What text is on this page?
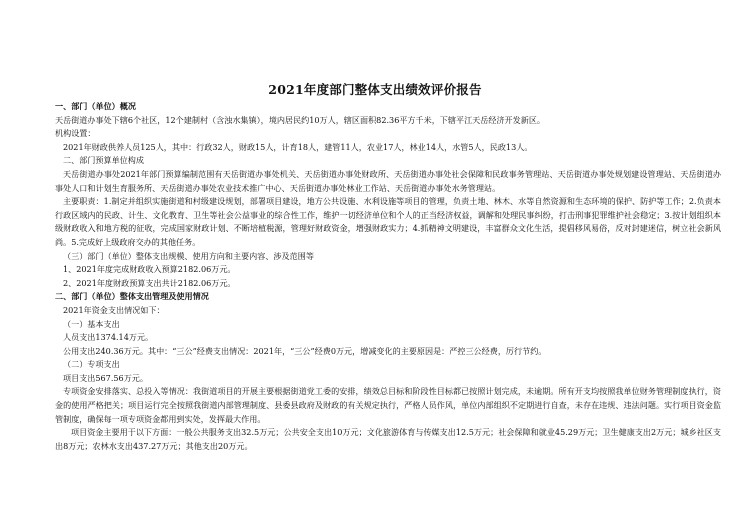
2021年度部门整体支出绩效评价报告

一、部门（单位）概况

天岳街道办事处下辖6个社区，12个建制村（含浊水集镇），境内居民约10万人，辖区面积82.36平方千米，下辖平江天岳经济开发新区。

机构设置：

2021年财政供养人员125人，其中：行政32人，财政15人，计育18人，建管11人，农业17人，林业14人，水管5人，民政13人。

二、部门预算单位构成

天岳街道办事处2021年部门预算编制范围有天岳街道办事处机关、天岳街道办事处财政所、天岳街道办事处社会保障和民政事务管理站、天岳街道办事处规划建设管理站、天岳街道办事处人口和计划生育服务所、天岳街道办事处农业技术推广中心、天岳街道办事处林业工作站、天岳街道办事处水务管理站。

主要职责：1.制定并组织实施街道和村级建设规划，部署项目建设，地方公共设施、水利设施等项目的管理，负责土地、林木、水等自然资源和生态环境的保护、防护等工作；2.负责本行政区域内的民政、计生、文化教育、卫生等社会公益事业的综合性工作，维护一切经济单位和个人的正当经济权益，调解和处理民事纠纷，打击刑事犯罪维护社会稳定；3.按计划组织本级财政收入和地方税的征收，完成国家财政计划、不断培植税源，管理好财政资金，增强财政实力；4.抓精神文明建设，丰富群众文化生活，提倡移风易俗，反对封建迷信，树立社会新风尚。5.完成好上级政府交办的其他任务。

（三）部门（单位）整体支出规模、使用方向和主要内容、涉及范围等

1、2021年度完成财政收入预算2182.06万元。

2、2021年度财政预算支出共计2182.06万元。

二、部门（单位）整体支出管理及使用情况

2021年资金支出情况如下：

（一）基本支出

人员支出1374.14万元。

公用支出240.36万元。其中：“三公”经费支出情况：2021年，“三公”经费0万元，增减变化的主要原因是：严控三公经费，厉行节约。

（二）专项支出

项目支出567.56万元。

专项资金安排落实、总投入等情况：我街道项目的开展主要根据街道党工委的安排，绩效总目标和阶段性目标都已按照计划完成，未逾期。所有开支均按照我单位财务管理制度执行，资金的使用严格把关；项目运行完全按照我街道内部管理制度、县委县政府及财政的有关规定执行，严格人员作风，单位内部组织不定期进行自查，未存在违规、违法问题。实行项目资金监管制度，确保每一项专项资金都用到实处，发挥最大作用。

项目资金主要用于以下方面：一般公共服务支出32.5万元；公共安全支出10万元；文化旅游体育与传媒支出12.5万元；社会保障和就业45.29万元；卫生健康支出2万元；城乡社区支出8万元；农林水支出437.27万元；其他支出20万元。
